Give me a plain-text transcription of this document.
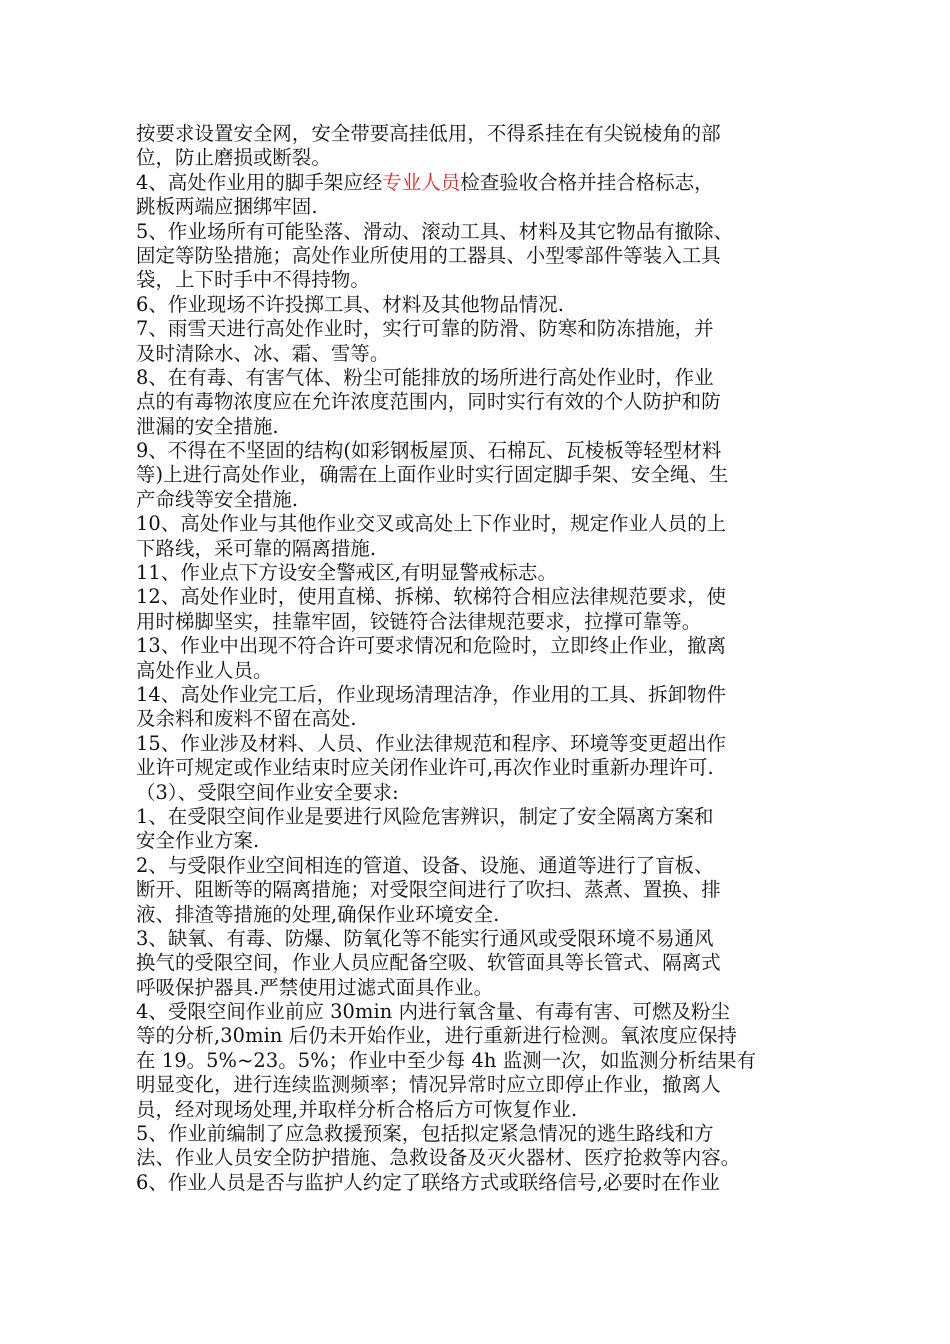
按要求设置安全网，安全带要高挂低用，不得系挂在有尖锐棱角的部
位，防止磨损或断裂。
4、高处作业用的脚手架应经专业人员检查验收合格并挂合格标志，
跳板两端应捆绑牢固.
5、作业场所有可能坠落、滑动、滚动工具、材料及其它物品有撤除、
固定等防坠措施；高处作业所使用的工器具、小型零部件等装入工具
袋，上下时手中不得持物。
6、作业现场不许投掷工具、材料及其他物品情况.
7、雨雪天进行高处作业时，实行可靠的防滑、防寒和防冻措施，并
及时清除水、冰、霜、雪等。
8、在有毒、有害气体、粉尘可能排放的场所进行高处作业时，作业
点的有毒物浓度应在允许浓度范围内，同时实行有效的个人防护和防
泄漏的安全措施.
9、不得在不坚固的结构(如彩钢板屋顶、石棉瓦、瓦棱板等轻型材料
等)上进行高处作业，确需在上面作业时实行固定脚手架、安全绳、生
产命线等安全措施.
10、高处作业与其他作业交叉或高处上下作业时，规定作业人员的上
下路线，采可靠的隔离措施.
11、作业点下方设安全警戒区,有明显警戒标志。
12、高处作业时，使用直梯、拆梯、软梯符合相应法律规范要求，使
用时梯脚坚实，挂靠牢固，铰链符合法律规范要求，拉撑可靠等。
13、作业中出现不符合许可要求情况和危险时，立即终止作业，撤离
高处作业人员。
14、高处作业完工后，作业现场清理洁净，作业用的工具、拆卸物件
及余料和废料不留在高处.
15、作业涉及材料、人员、作业法律规范和程序、环境等变更超出作
业许可规定或作业结束时应关闭作业许可,再次作业时重新办理许可.
（3）、受限空间作业安全要求:
1、在受限空间作业是要进行风险危害辨识，制定了安全隔离方案和
安全作业方案.
2、与受限作业空间相连的管道、设备、设施、通道等进行了盲板、
断开、阻断等的隔离措施；对受限空间进行了吹扫、蒸煮、置换、排
液、排渣等措施的处理,确保作业环境安全.
3、缺氧、有毒、防爆、防氧化等不能实行通风或受限环境不易通风
换气的受限空间，作业人员应配备空吸、软管面具等长管式、隔离式
呼吸保护器具.严禁使用过滤式面具作业。
4、受限空间作业前应 30min 内进行氧含量、有毒有害、可燃及粉尘
等的分析,30min 后仍未开始作业，进行重新进行检测。氧浓度应保持
在 19。5%~23。5%；作业中至少每 4h 监测一次，如监测分析结果有
明显变化，进行连续监测频率；情况异常时应立即停止作业，撤离人
员，经对现场处理,并取样分析合格后方可恢复作业.
5、作业前编制了应急救援预案，包括拟定紧急情况的逃生路线和方
法、作业人员安全防护措施、急救设备及灭火器材、医疗抢救等内容。
6、作业人员是否与监护人约定了联络方式或联络信号,必要时在作业
